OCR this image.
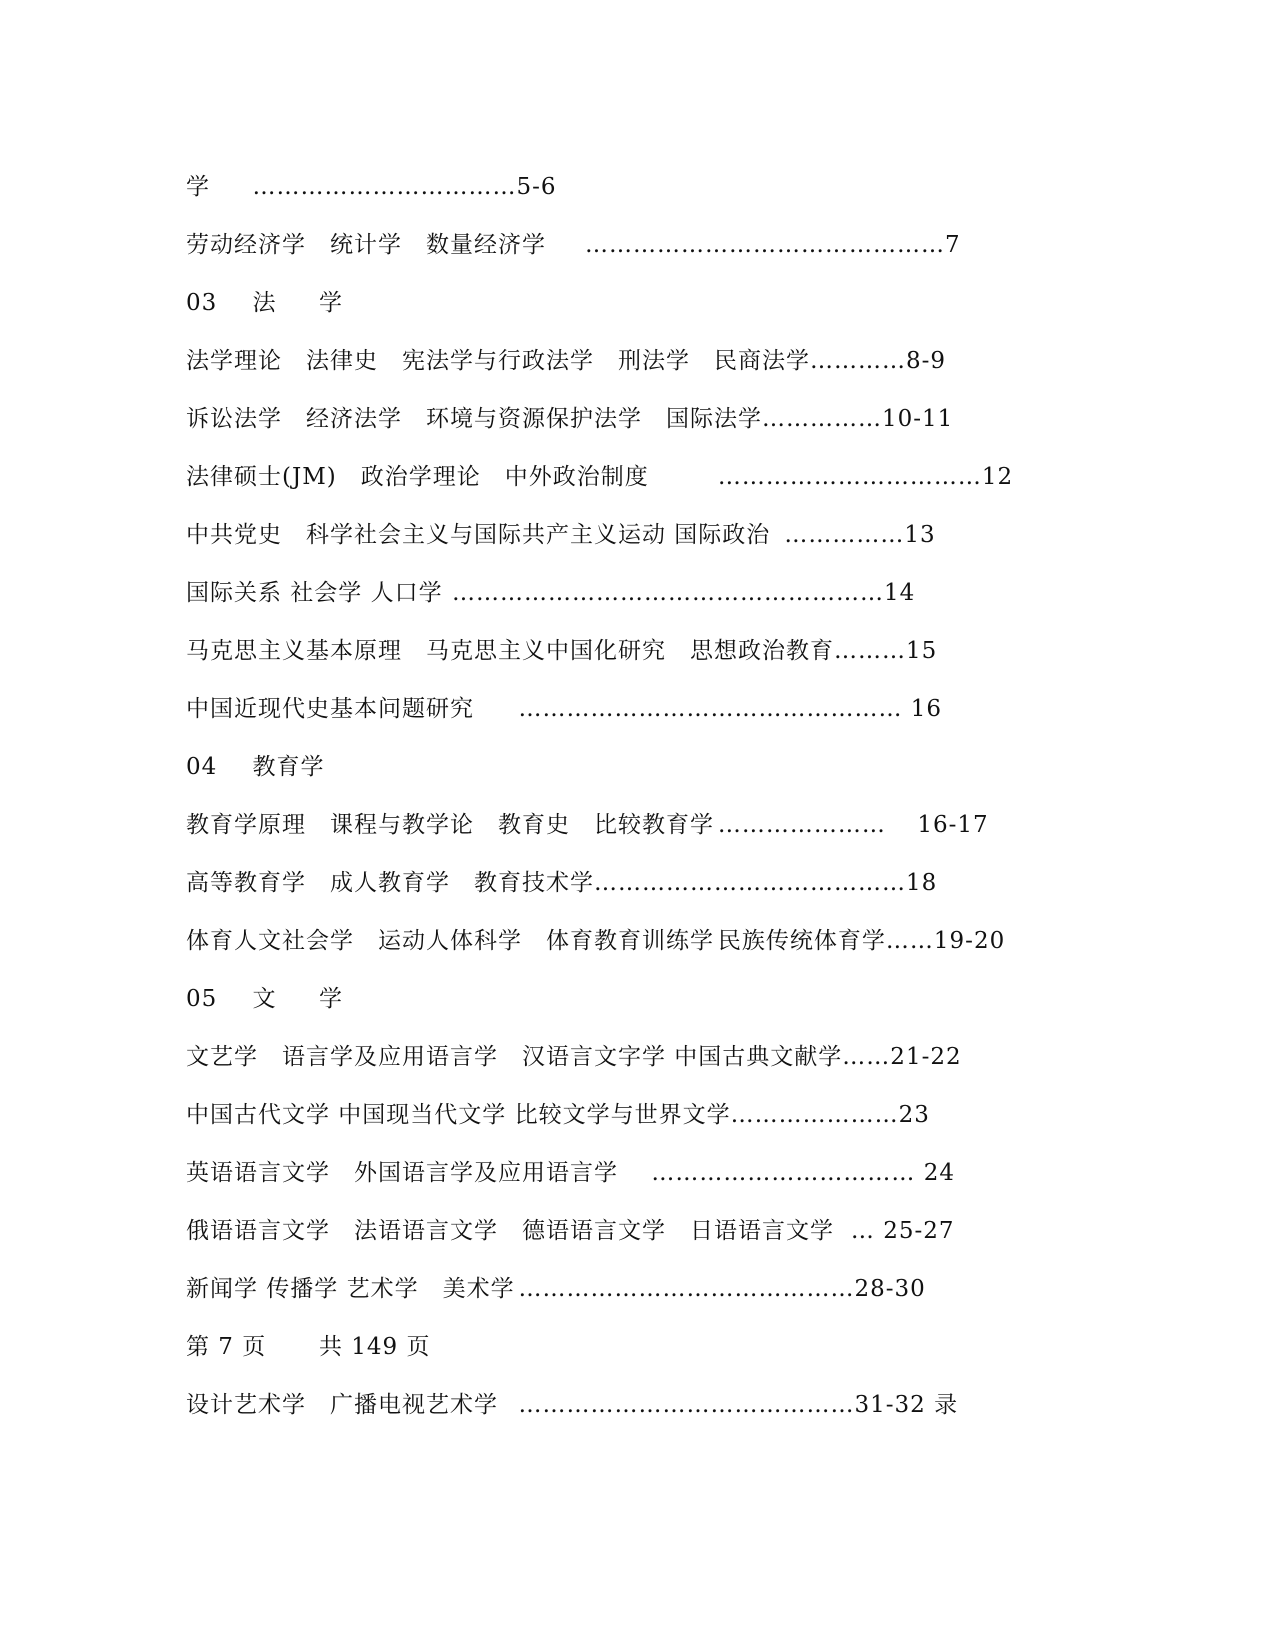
学	……………………………5-6
劳动经济学　统计学　数量经济学	………………………………………7
03	法	学
法学理论　法律史　宪法学与行政法学　刑法学　民商法学…………8-9
诉讼法学　经济法学　环境与资源保护法学　国际法学……………10-11
法律硕士(JM)　政治学理论　中外政治制度	……………………………12
中共党史　科学社会主义与国际共产主义运动 国际政治	……………13
国际关系 社会学 人口学	………………………………………………14
马克思主义基本原理　马克思主义中国化研究　思想政治教育………15
中国近现代史基本问题研究	………………………………………… 16
04	教育学
教育学原理　课程与教学论　教育史　比较教育学	…………………	16-17
高等教育学　成人教育学　教育技术学…………………………………18
体育人文社会学　运动人体科学　体育教育训练学	民族传统体育学……19-20
05	文	学
文艺学　语言学及应用语言学　汉语言文字学 中国古典文献学……21-22
中国古代文学 中国现当代文学 比较文学与世界文学…………………23
英语语言文学　外国语言学及应用语言学	…………………………… 24
俄语语言文学　法语语言文学　德语语言文学　日语语言文学	… 25-27
新闻学 传播学 艺术学　美术学	……………………………………28-30
第 7 页	共 149 页
设计艺术学　广播电视艺术学	……………………………………31-32 录
